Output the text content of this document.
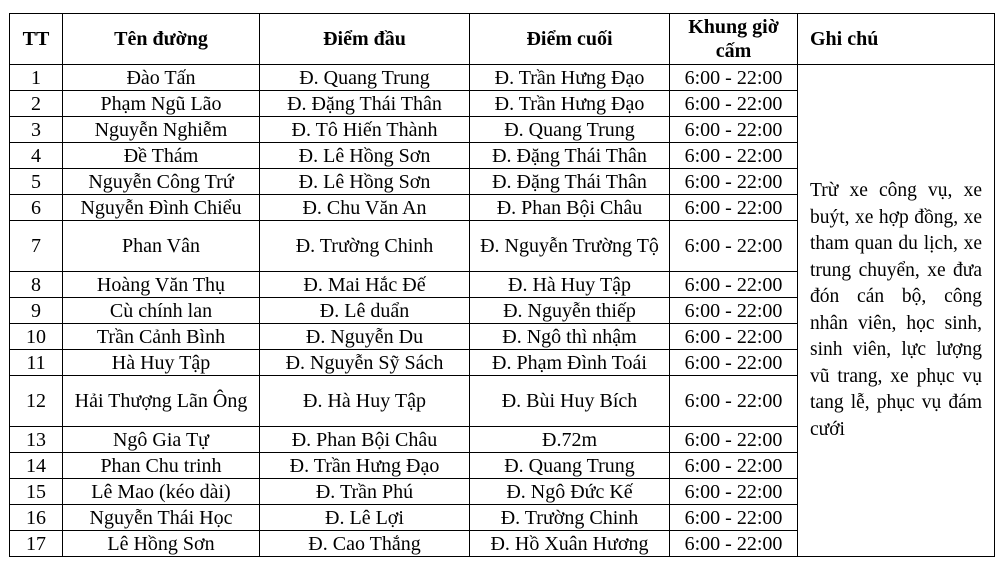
TT	Tên đường	Điểm đầu	Điểm cuối	Khung giờ cấm	Ghi chú
1	Đào Tấn	Đ. Quang Trung	Đ. Trần Hưng Đạo	6:00 - 22:00	Trừ xe công vụ, xe buýt, xe hợp đồng, xe tham quan du lịch, xe trung chuyển, xe đưa đón cán bộ, công nhân viên, học sinh, sinh viên, lực lượng vũ trang, xe phục vụ tang lễ, phục vụ đám cưới
2	Phạm Ngũ Lão	Đ. Đặng Thái Thân	Đ. Trần Hưng Đạo	6:00 - 22:00	
3	Nguyễn Nghiễm	Đ. Tô Hiến Thành	Đ. Quang Trung	6:00 - 22:00	
4	Đề Thám	Đ. Lê Hồng Sơn	Đ. Đặng Thái Thân	6:00 - 22:00	
5	Nguyễn Công Trứ	Đ. Lê Hồng Sơn	Đ. Đặng Thái Thân	6:00 - 22:00	
6	Nguyễn Đình Chiểu	Đ. Chu Văn An	Đ. Phan Bội Châu	6:00 - 22:00	
7	Phan Vân	Đ. Trường Chinh	Đ. Nguyễn Trường Tộ	6:00 - 22:00	
8	Hoàng Văn Thụ	Đ. Mai Hắc Đế	Đ. Hà Huy Tập	6:00 - 22:00	
9	Cù chính lan	Đ. Lê duẩn	Đ. Nguyễn thiếp	6:00 - 22:00	
10	Trần Cảnh Bình	Đ. Nguyễn Du	Đ. Ngô thì nhậm	6:00 - 22:00	
11	Hà Huy Tập	Đ. Nguyễn Sỹ Sách	Đ. Phạm Đình Toái	6:00 - 22:00	
12	Hải Thượng Lãn Ông	Đ. Hà Huy Tập	Đ. Bùi Huy Bích	6:00 - 22:00	
13	Ngô Gia Tự	Đ. Phan Bội Châu	Đ.72m	6:00 - 22:00	
14	Phan Chu trinh	Đ. Trần Hưng Đạo	Đ. Quang Trung	6:00 - 22:00	
15	Lê Mao (kéo dài)	Đ. Trần Phú	Đ. Ngô Đức Kế	6:00 - 22:00	
16	Nguyễn Thái Học	Đ. Lê Lợi	Đ. Trường Chinh	6:00 - 22:00	
17	Lê Hồng Sơn	Đ. Cao Thắng	Đ. Hồ Xuân Hương	6:00 - 22:00	
